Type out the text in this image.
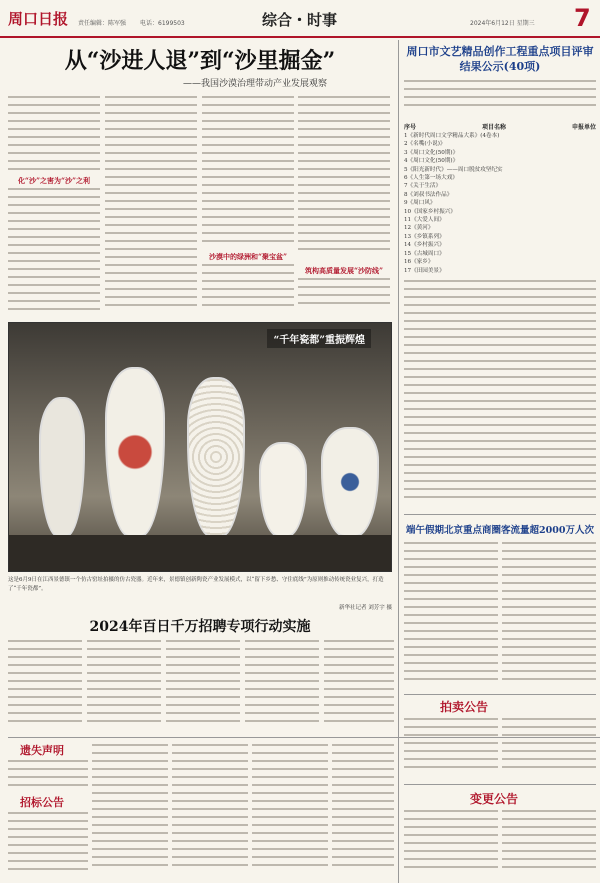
周口日报 责任编辑：陈军强 电话：6199503	综合・时事	2024年6月12日 星期三 7
从“沙进人退”到“沙里掘金”
——我国沙漠治理带动产业发展观察
化“沙”之害为“沙”之利
沙漠中的绿洲和“聚宝盆”
筑构高质量发展“沙防线”
“千年瓷都”重振辉煌
这是6月9日在江西景德镇一个仿古窑址拍摄的仿古瓷器。近年来，景德镇创新陶瓷产业发展模式，以“留下乡愁、守住底线”为原则推动传统瓷业复兴，打造了“千年瓷都”。
新华社记者 刘芳宇 摄
2024年百日千万招聘专项行动实施
遗失声明
招标公告
周口市文艺精品创作工程重点项目评审结果公示(40项)
序号	项目名称	申报单位
1《新时代周口文学精品大系》(4卷本)
2《名嘴(小说)》
3《周口文化(50期)》
4《周口文化(50期)》
5《阳光新时代》——周口脱贫攻坚纪实
6《人生第一场大戏》
7《关于生活》
8《刘叔书法作品》
9《周口风》
10《国家乡村振兴》
11《大爱人间》
12《黄河》
13《乡镇系列》
14《乡村振兴》
15《古城周口》
16《家乡》
17《田园美景》
端午假期北京重点商圈客流量超2000万人次
拍卖公告
变更公告
